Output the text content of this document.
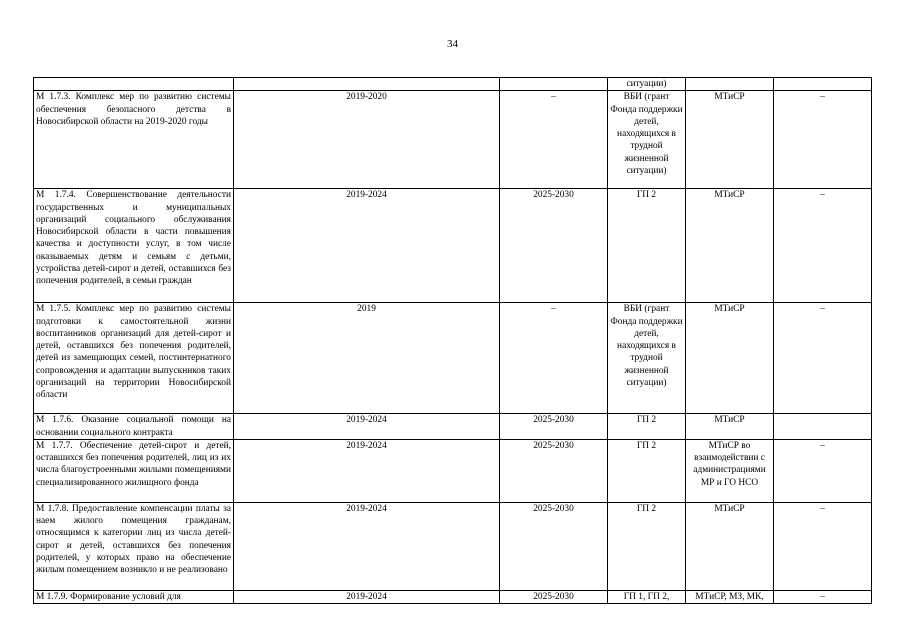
34
			ситуации)		
М 1.7.3. Комплекс мер по развитию системы обеспечения безопасного детства в Новосибирской области на 2019-2020 годы	2019-2020	–	ВБИ (грант Фонда поддержки детей, находящихся в трудной жизненной ситуации)	МТиСР	–
М 1.7.4. Совершенствование деятельности государственных и муниципальных организаций социального обслуживания Новосибирской области в части повышения качества и доступности услуг, в том числе оказываемых детям и семьям с детьми, устройства детей-сирот и детей, оставшихся без попечения родителей, в семьи граждан	2019-2024	2025-2030	ГП 2	МТиСР	–
М 1.7.5. Комплекс мер по развитию системы подготовки к самостоятельной жизни воспитанников организаций для детей-сирот и детей, оставшихся без попечения родителей, детей из замещающих семей, постинтернатного сопровождения и адаптации выпускников таких организаций на территории Новосибирской области	2019	–	ВБИ (грант Фонда поддержки детей, находящихся в трудной жизненной ситуации)	МТиСР	–
М 1.7.6. Оказание социальной помощи на основании социального контракта	2019-2024	2025-2030	ГП 2	МТиСР	
М 1.7.7. Обеспечение детей-сирот и детей, оставшихся без попечения родителей, лиц из их числа благоустроенными жилыми помещениями специализированного жилищного фонда	2019-2024	2025-2030	ГП 2	МТиСР во взаимодействии с администрациями МР и ГО НСО	–
М 1.7.8. Предоставление компенсации платы за наем жилого помещения гражданам, относящимся к категории лиц из числа детей-сирот и детей, оставшихся без попечения родителей, у которых право на обеспечение жилым помещением возникло и не реализовано	2019-2024	2025-2030	ГП 2	МТиСР	–
М 1.7.9. Формирование условий для	2019-2024	2025-2030	ГП 1, ГП 2,	МТиСР, МЗ, МК,	–
